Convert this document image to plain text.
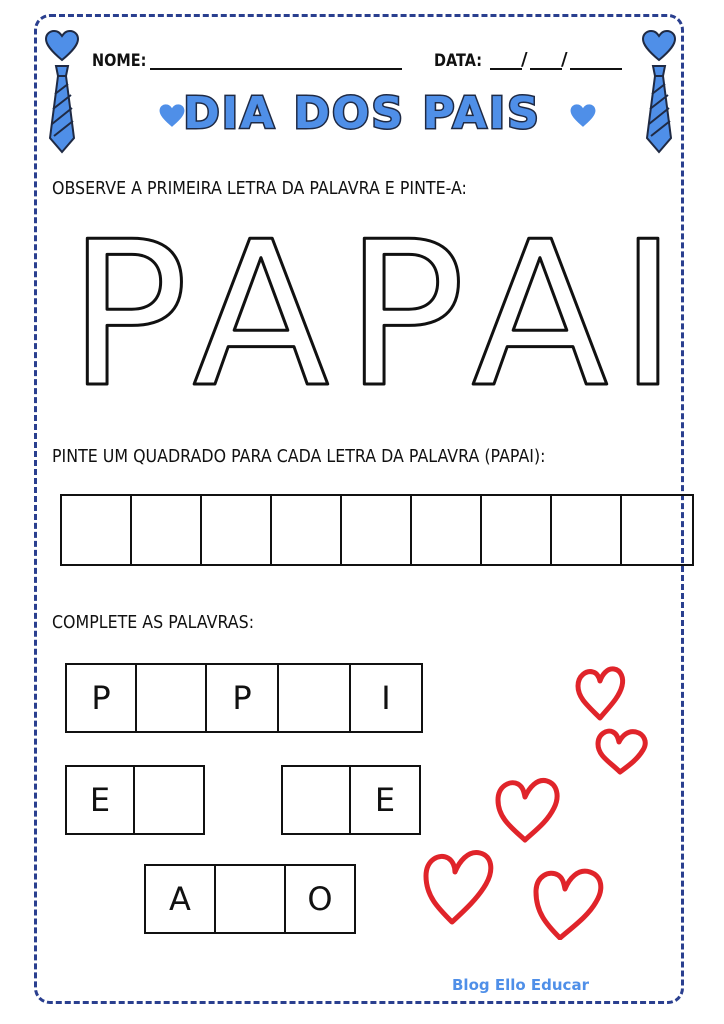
NOME:	DATA: / /
DIA DOS PAIS
OBSERVE A PRIMEIRA LETRA DA PALAVRA E PINTE-A:
P A P A I
PINTE UM QUADRADO PARA CADA LETRA DA PALAVRA (PAPAI):
COMPLETE AS PALAVRAS:
P	P	I
E	E
A	O
Blog Ello Educar
